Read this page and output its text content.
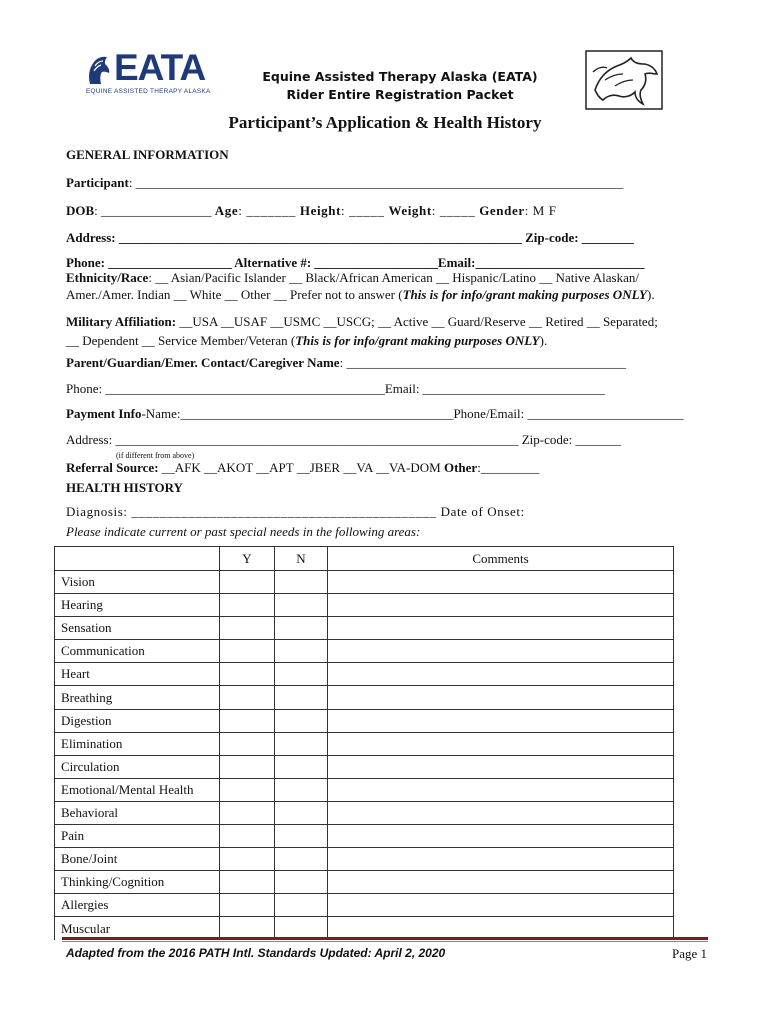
EATA
EQUINE ASSISTED THERAPY ALASKA
Equine Assisted Therapy Alaska (EATA)
Rider Entire Registration Packet
Participant’s Application & Health History
GENERAL INFORMATION
Participant: ___________________________________________________________________________
DOB: _________________ Age: _______ Height: _____ Weight: _____ Gender: M F
Address: ______________________________________________________________ Zip-code: ________
Phone: ___________________ Alternative #: ___________________Email:__________________________
Ethnicity/Race: __ Asian/Pacific Islander __ Black/African American __ Hispanic/Latino __ Native Alaskan/
Amer./Amer. Indian __ White __ Other __ Prefer not to answer (This is for info/grant making purposes ONLY).
Military Affiliation: __USA __USAF __USMC __USCG; __ Active __ Guard/Reserve __ Retired __ Separated;
__ Dependent __ Service Member/Veteran (This is for info/grant making purposes ONLY).
Parent/Guardian/Emer. Contact/Caregiver Name: ___________________________________________
Phone: ___________________________________________Email: ____________________________
Payment Info-Name:__________________________________________Phone/Email: ________________________
Address: ______________________________________________________________ Zip-code: _______
(if different from above)
Referral Source: __AFK __AKOT __APT __JBER __VA __VA-DOM Other:_________
HEALTH HISTORY
Diagnosis: ___________________________________________ Date of Onset:
Please indicate current or past special needs in the following areas:
	Y	N	Comments
Vision			
Hearing			
Sensation			
Communication			
Heart			
Breathing			
Digestion			
Elimination			
Circulation			
Emotional/Mental Health			
Behavioral			
Pain			
Bone/Joint			
Thinking/Cognition			
Allergies			
Muscular			
Adapted from the 2016 PATH Intl. Standards Updated: April 2, 2020	Page 1
